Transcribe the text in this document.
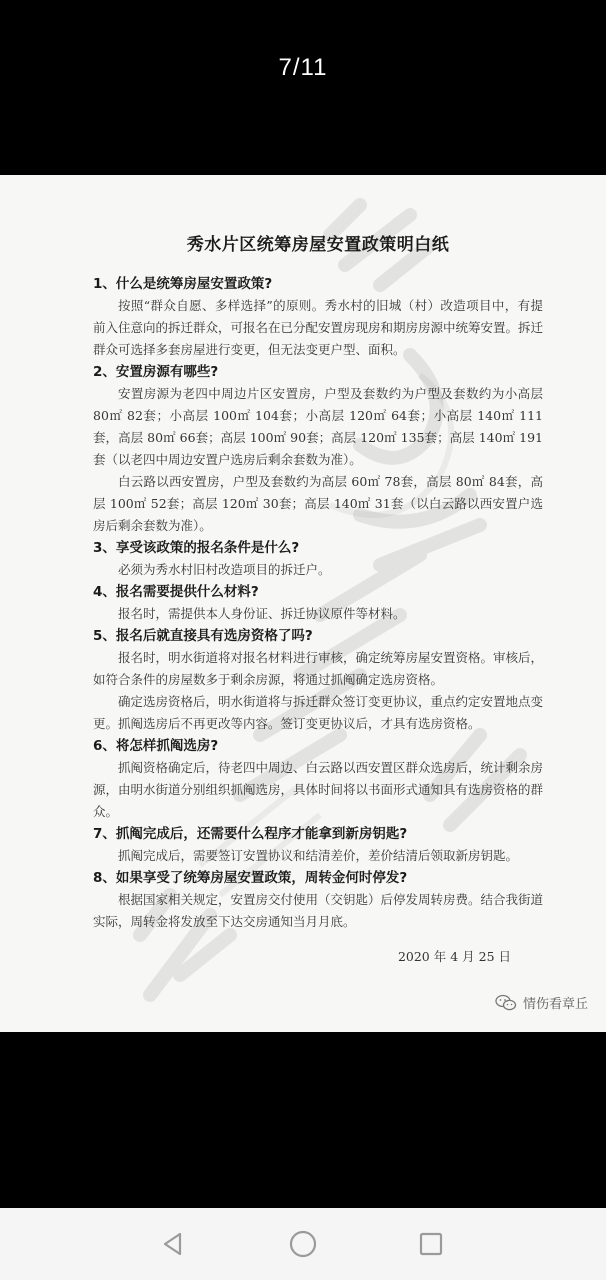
7/11
秀水片区统筹房屋安置政策明白纸

1、什么是统筹房屋安置政策?

按照“群众自愿、多样选择”的原则。秀水村的旧城（村）改造项目中，有提前入住意向的拆迁群众，可报名在已分配安置房现房和期房房源中统筹安置。拆迁群众可选择多套房屋进行变更，但无法变更户型、面积。

2、安置房源有哪些?

安置房源为老四中周边片区安置房，户型及套数约为户型及套数约为小高层 80㎡ 82套；小高层 100㎡ 104套；小高层 120㎡ 64套；小高层 140㎡ 111套，高层 80㎡ 66套；高层 100㎡ 90套；高层 120㎡ 135套；高层 140㎡ 191套（以老四中周边安置户选房后剩余套数为准）。

白云路以西安置房，户型及套数约为高层 60㎡ 78套，高层 80㎡ 84套，高层 100㎡ 52套；高层 120㎡ 30套；高层 140㎡ 31套（以白云路以西安置户选房后剩余套数为准）。

3、享受该政策的报名条件是什么?

必须为秀水村旧村改造项目的拆迁户。

4、报名需要提供什么材料?

报名时，需提供本人身份证、拆迁协议原件等材料。

5、报名后就直接具有选房资格了吗?

报名时，明水街道将对报名材料进行审核，确定统筹房屋安置资格。审核后，如符合条件的房屋数多于剩余房源，将通过抓阄确定选房资格。

确定选房资格后，明水街道将与拆迁群众签订变更协议，重点约定安置地点变更。抓阄选房后不再更改等内容。签订变更协议后，才具有选房资格。

6、将怎样抓阄选房?

抓阄资格确定后，待老四中周边、白云路以西安置区群众选房后，统计剩余房源，由明水街道分别组织抓阄选房，具体时间将以书面形式通知具有选房资格的群众。

7、抓阄完成后，还需要什么程序才能拿到新房钥匙?

抓阄完成后，需要签订安置协议和结清差价，差价结清后领取新房钥匙。

8、如果享受了统筹房屋安置政策，周转金何时停发?

根据国家相关规定，安置房交付使用（交钥匙）后停发周转房费。结合我街道实际，周转金将发放至下达交房通知当月月底。

2020 年 4 月 25 日
情伤看章丘
